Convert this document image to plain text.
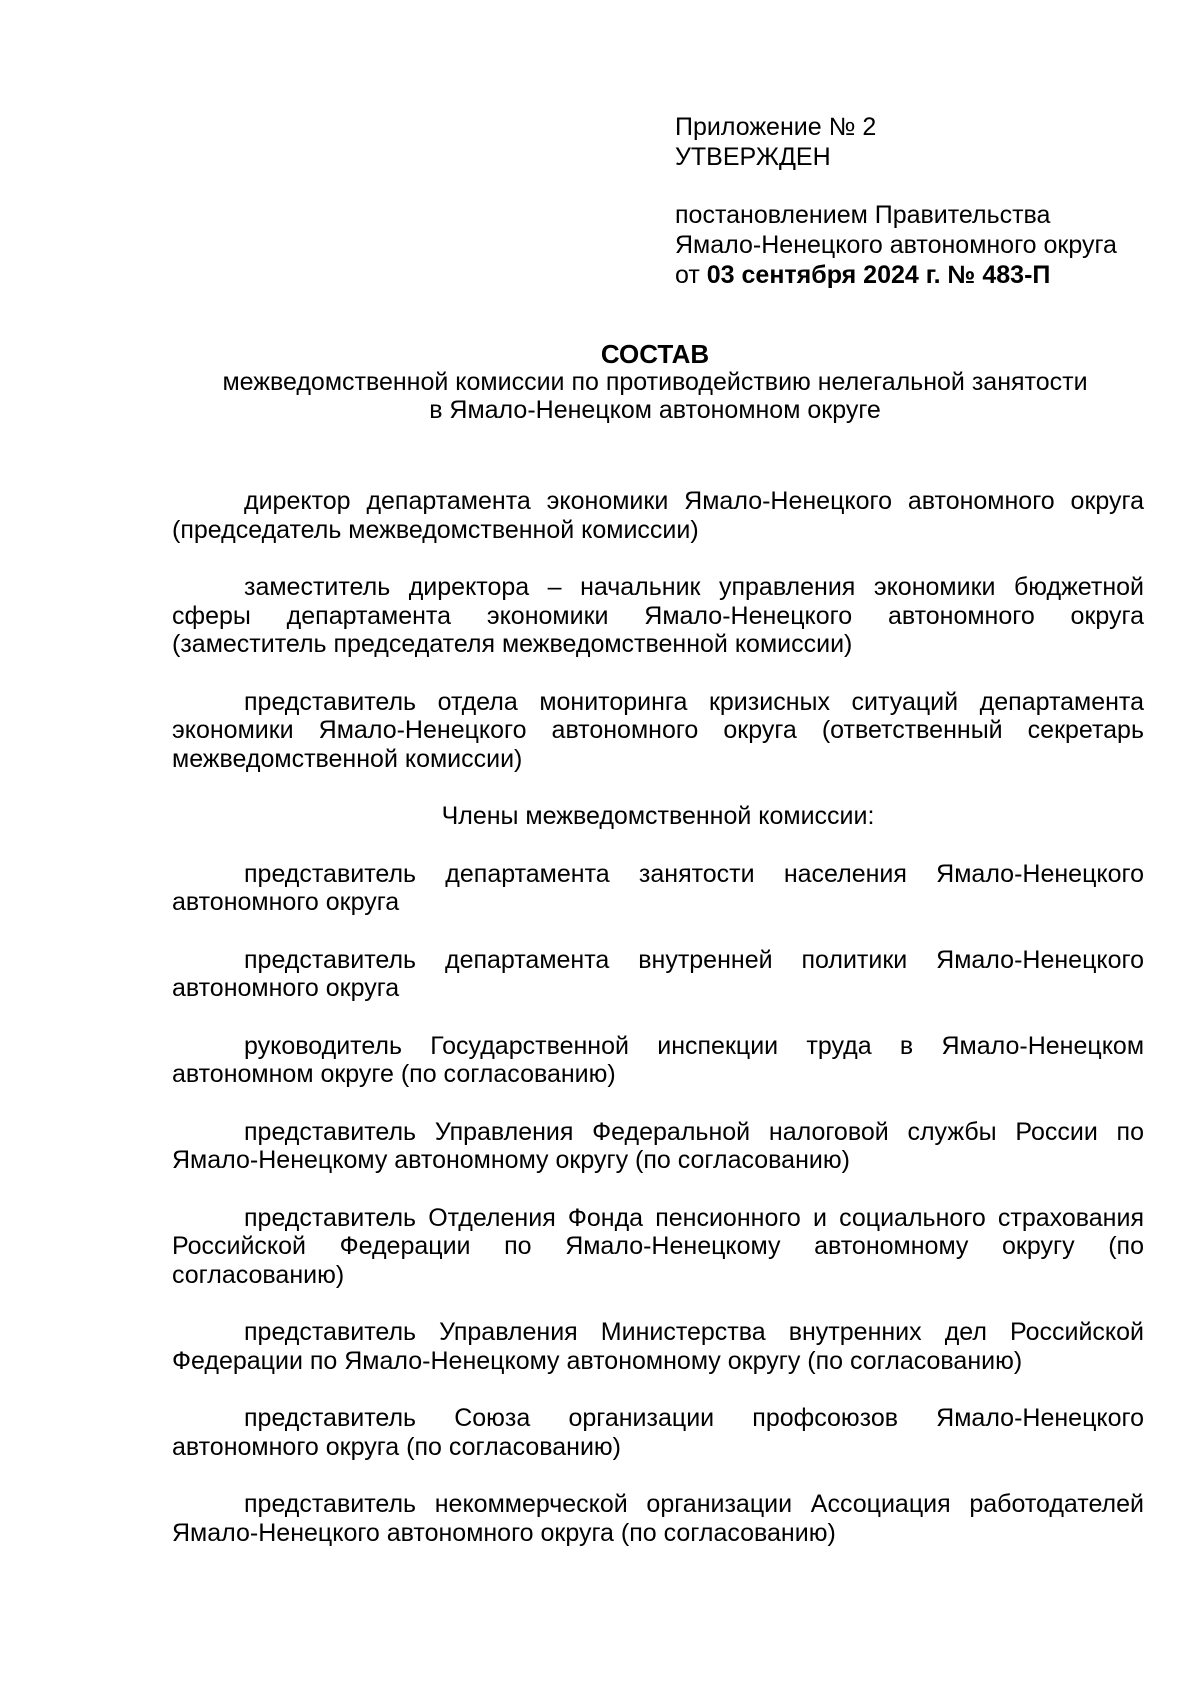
Приложение № 2
УТВЕРЖДЕН
постановлением Правительства
Ямало-Ненецкого автономного округа
от 03 сентября 2024 г. № 483-П
СОСТАВ
межведомственной комиссии по противодействию нелегальной занятости
в Ямало-Ненецком автономном округе

директор департамента экономики Ямало-Ненецкого автономного округа (председатель межведомственной комиссии)

заместитель директора – начальник управления экономики бюджетной сферы департамента экономики Ямало-Ненецкого автономного округа (заместитель председателя межведомственной комиссии)

представитель отдела мониторинга кризисных ситуаций департамента экономики Ямало-Ненецкого автономного округа (ответственный секретарь межведомственной комиссии)

Члены межведомственной комиссии:

представитель департамента занятости населения Ямало-Ненецкого автономного округа

представитель департамента внутренней политики Ямало-Ненецкого автономного округа

руководитель Государственной инспекции труда в Ямало-Ненецком автономном округе (по согласованию)

представитель Управления Федеральной налоговой службы России по Ямало-Ненецкому автономному округу (по согласованию)

представитель Отделения Фонда пенсионного и социального страхования Российской Федерации по Ямало-Ненецкому автономному округу (по согласованию)

представитель Управления Министерства внутренних дел Российской Федерации по Ямало-Ненецкому автономному округу (по согласованию)

представитель Союза организации профсоюзов Ямало-Ненецкого автономного округа (по согласованию)

представитель некоммерческой организации Ассоциация работодателей Ямало-Ненецкого автономного округа (по согласованию)
